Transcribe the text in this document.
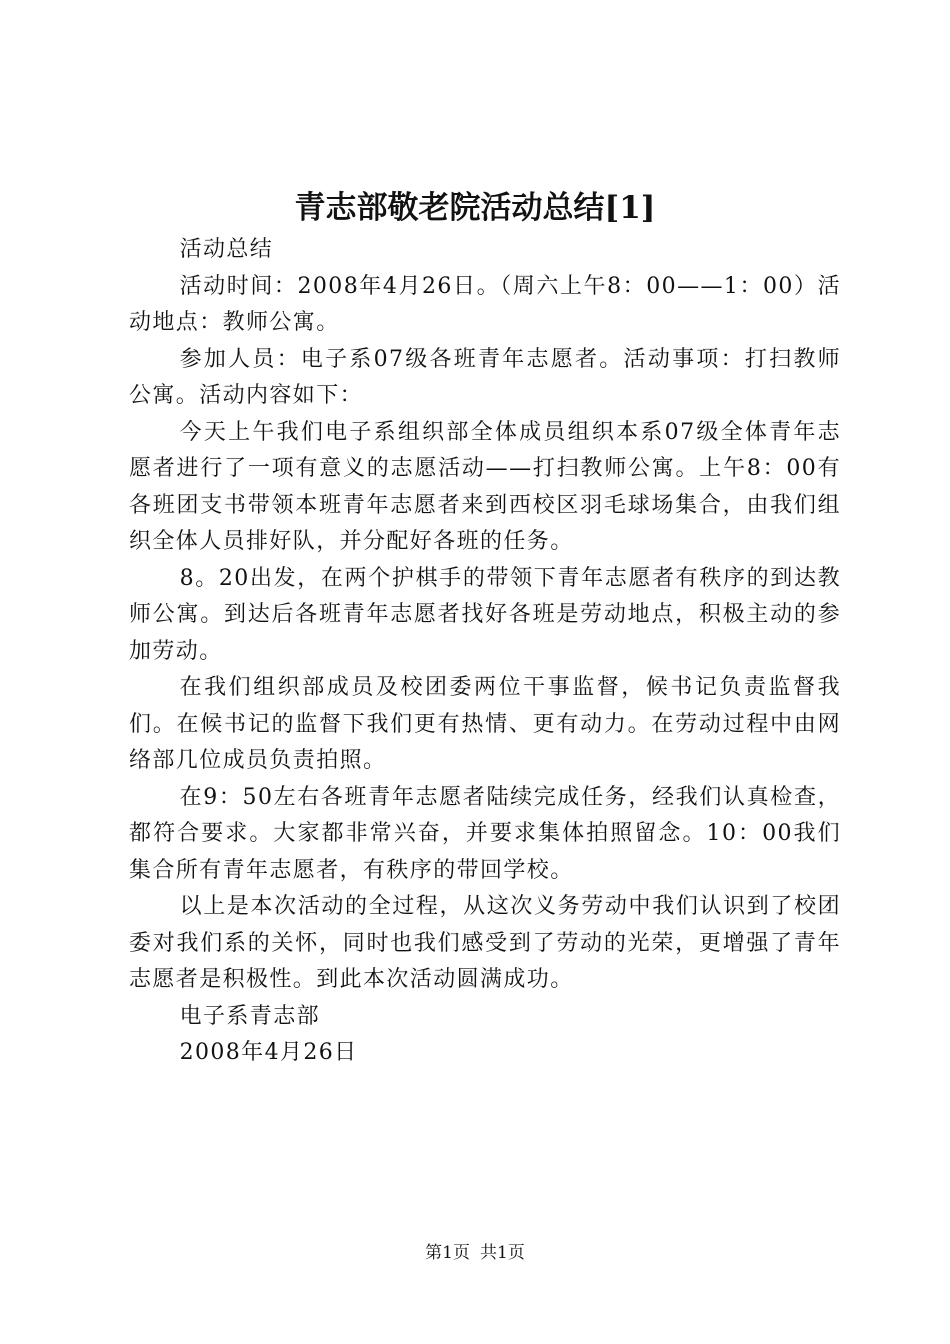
青志部敬老院活动总结[1]

活动总结

活动时间：2008年4月26日。（周六上午8：00——1：00）活动地点：教师公寓。

参加人员：电子系07级各班青年志愿者。活动事项：打扫教师公寓。活动内容如下：

今天上午我们电子系组织部全体成员组织本系07级全体青年志愿者进行了一项有意义的志愿活动——打扫教师公寓。上午8：00有各班团支书带领本班青年志愿者来到西校区羽毛球场集合，由我们组织全体人员排好队，并分配好各班的任务。

8。20出发，在两个护棋手的带领下青年志愿者有秩序的到达教师公寓。到达后各班青年志愿者找好各班是劳动地点，积极主动的参加劳动。

在我们组织部成员及校团委两位干事监督，候书记负责监督我们。在候书记的监督下我们更有热情、更有动力。在劳动过程中由网络部几位成员负责拍照。

在9：50左右各班青年志愿者陆续完成任务，经我们认真检查，都符合要求。大家都非常兴奋，并要求集体拍照留念。10：00我们集合所有青年志愿者，有秩序的带回学校。

以上是本次活动的全过程，从这次义务劳动中我们认识到了校团委对我们系的关怀，同时也我们感受到了劳动的光荣，更增强了青年志愿者是积极性。到此本次活动圆满成功。

电子系青志部

2008年4月26日

第1页 共1页
